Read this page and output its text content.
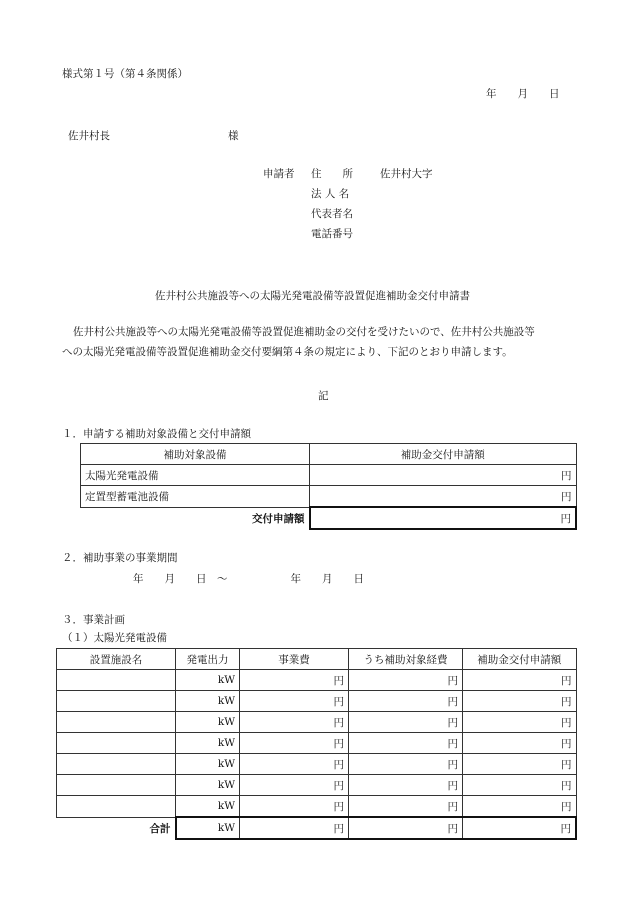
様式第１号（第４条関係）
年　　月　　日
佐井村長	様
申請者 住　　所	佐井村大字
法 人 名
代表者名
電話番号
佐井村公共施設等への太陽光発電設備等設置促進補助金交付申請書
佐井村公共施設等への太陽光発電設備等設置促進補助金の交付を受けたいので、佐井村公共施設等
への太陽光発電設備等設置促進補助金交付要綱第４条の規定により、下記のとおり申請します。
記
１．申請する補助対象設備と交付申請額
補助対象設備	補助金交付申請額
太陽光発電設備	円
定置型蓄電池設備	円
交付申請額	円
２．補助事業の事業期間
年　　月　　日　～　　　　　　年　　月　　日
３．事業計画
（１）太陽光発電設備
設置施設名	発電出力	事業費	うち補助対象経費	補助金交付申請額
	kW	円	円	円
	kW	円	円	円
	kW	円	円	円
	kW	円	円	円
	kW	円	円	円
	kW	円	円	円
	kW	円	円	円
合計	kW	円	円	円
